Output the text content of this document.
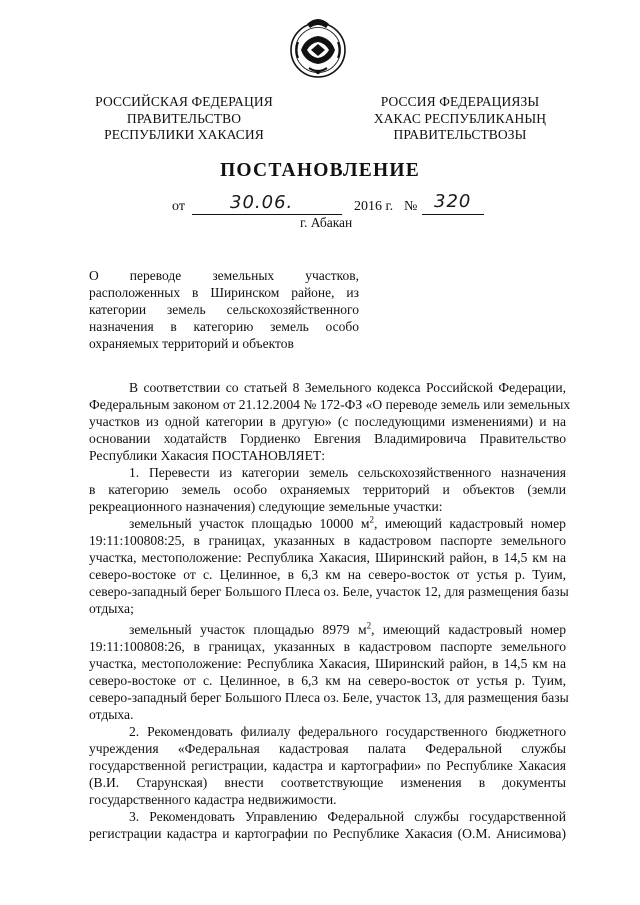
РОССИЙСКАЯ ФЕДЕРАЦИЯ
ПРАВИТЕЛЬСТВО
РЕСПУБЛИКИ ХАКАСИЯ
РОССИЯ ФЕДЕРАЦИЯЗЫ
ХАКАС РЕСПУБЛИКАНЫҢ
ПРАВИТЕЛЬСТВОЗЫ
ПОСТАНОВЛЕНИЕ
от	30.06.	2016 г. № 320
г. Абакан
О переводе земельных участков,
расположенных в Ширинском районе, из
категории земель сельскохозяйственного
назначения в категорию земель особо
охраняемых территорий и объектов
В соответствии со статьей 8 Земельного кодекса Российской Федерации,
Федеральным законом от 21.12.2004 № 172-ФЗ «О переводе земель или земельных
участков из одной категории в другую» (с последующими изменениями) и на
основании ходатайств Гордиенко Евгения Владимировича Правительство
Республики Хакасия ПОСТАНОВЛЯЕТ:
1. Перевести из категории земель сельскохозяйственного назначения
в категорию земель особо охраняемых территорий и объектов (земли
рекреационного назначения) следующие земельные участки:
земельный участок площадью 10000 $м^2$, имеющий кадастровый номер
19:11:100808:25, в границах, указанных в кадастровом паспорте земельного
участка, местоположение: Республика Хакасия, Ширинский район, в 14,5 км на
северо-востоке от с. Целинное, в 6,3 км на северо-восток от устья р. Туим,
северо-западный берег Большого Плеса оз. Беле, участок 12, для размещения базы
отдыха;
земельный участок площадью 8979 $м^2$, имеющий кадастровый номер
19:11:100808:26, в границах, указанных в кадастровом паспорте земельного
участка, местоположение: Республика Хакасия, Ширинский район, в 14,5 км на
северо-востоке от с. Целинное, в 6,3 км на северо-восток от устья р. Туим,
северо-западный берег Большого Плеса оз. Беле, участок 13, для размещения базы
отдыха.
2. Рекомендовать филиалу федерального государственного бюджетного
учреждения «Федеральная кадастровая палата Федеральной службы
государственной регистрации, кадастра и картографии» по Республике Хакасия
(В.И. Старунская) внести соответствующие изменения в документы
государственного кадастра недвижимости.
3. Рекомендовать Управлению Федеральной службы государственной
регистрации кадастра и картографии по Республике Хакасия (О.М. Анисимова)
